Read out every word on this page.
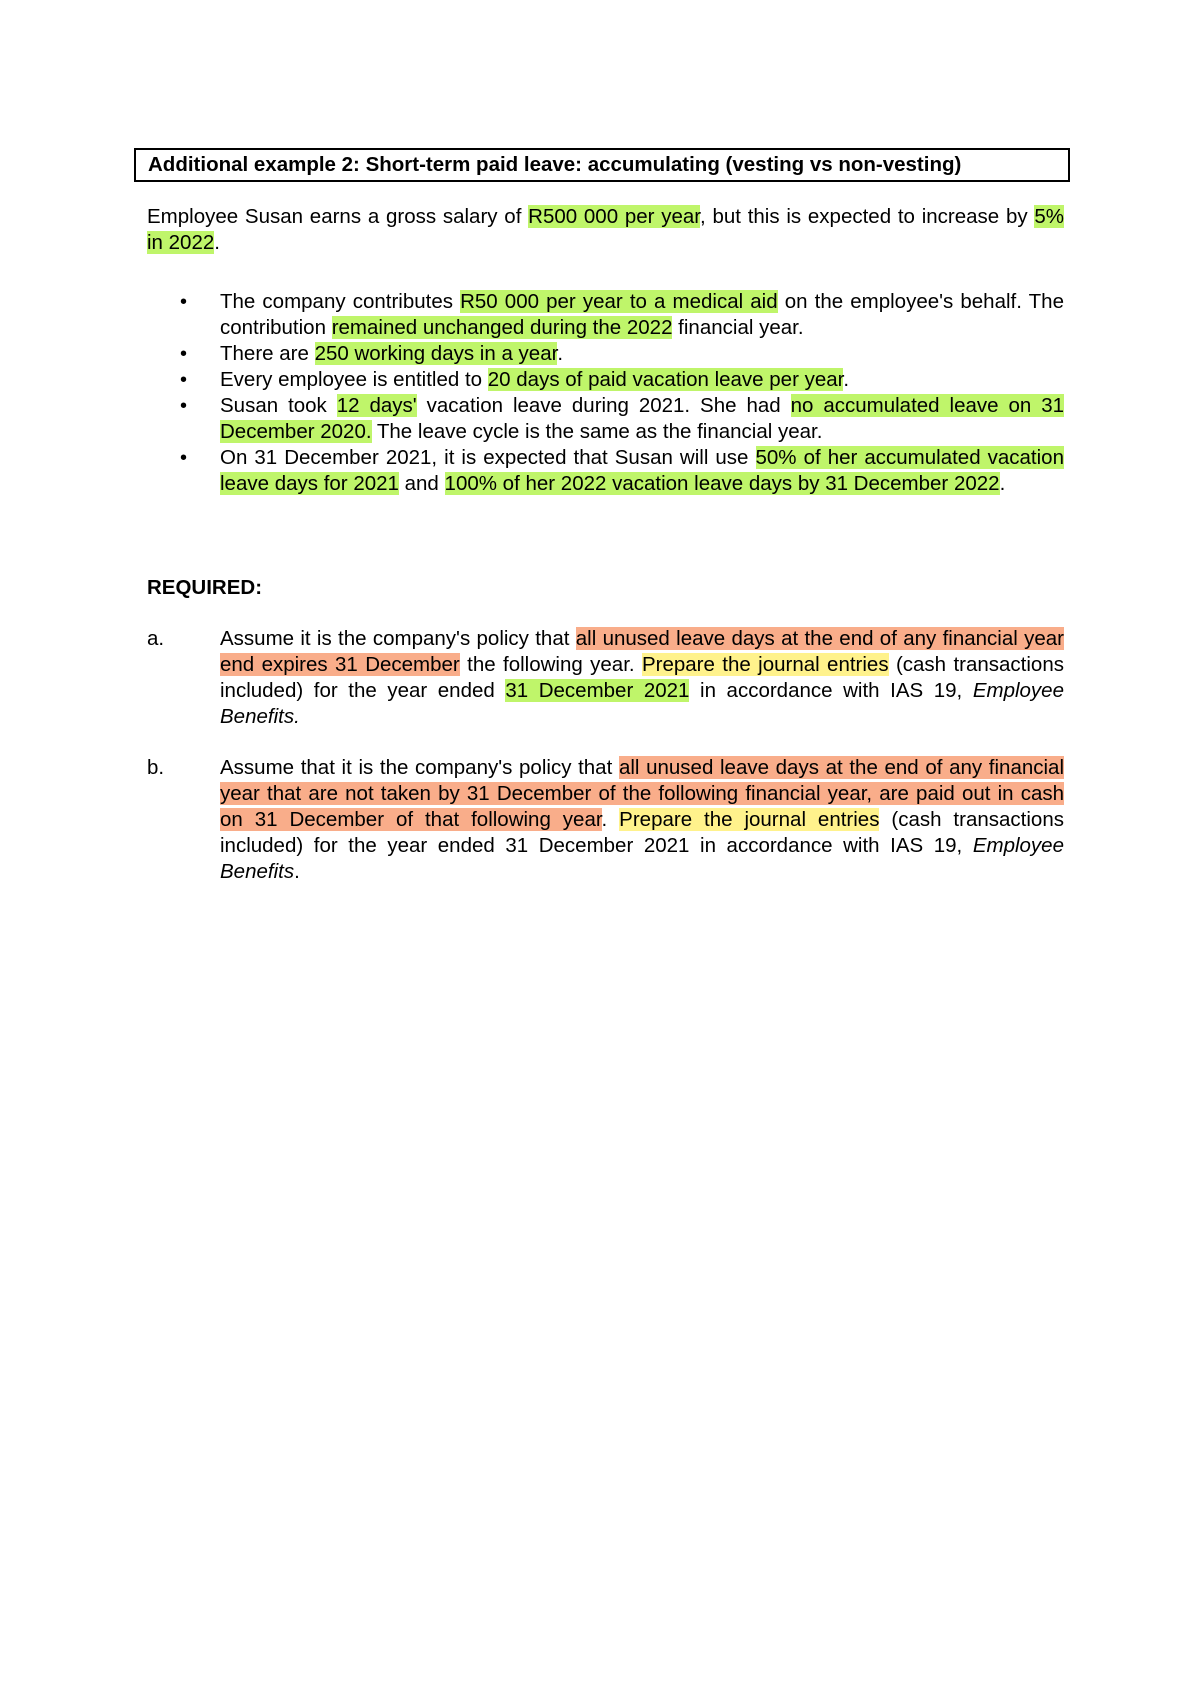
Additional example 2: Short-term paid leave: accumulating (vesting vs non-vesting)
Employee Susan earns a gross salary of R500 000 per year, but this is expected to increase by 5% in 2022.
• The company contributes R50 000 per year to a medical aid on the employee's behalf. The contribution remained unchanged during the 2022 financial year.
• There are 250 working days in a year.
• Every employee is entitled to 20 days of paid vacation leave per year.
• Susan took 12 days' vacation leave during 2021. She had no accumulated leave on 31 December 2020. The leave cycle is the same as the financial year.
• On 31 December 2021, it is expected that Susan will use 50% of her accumulated vacation leave days for 2021 and 100% of her 2022 vacation leave days by 31 December 2022.
REQUIRED:
a.	Assume it is the company's policy that all unused leave days at the end of any financial year end expires 31 December the following year. Prepare the journal entries (cash transactions included) for the year ended 31 December 2021 in accordance with IAS 19, Employee Benefits.
b.	Assume that it is the company's policy that all unused leave days at the end of any financial year that are not taken by 31 December of the following financial year, are paid out in cash on 31 December of that following year. Prepare the journal entries (cash transactions included) for the year ended 31 December 2021 in accordance with IAS 19, Employee Benefits.
